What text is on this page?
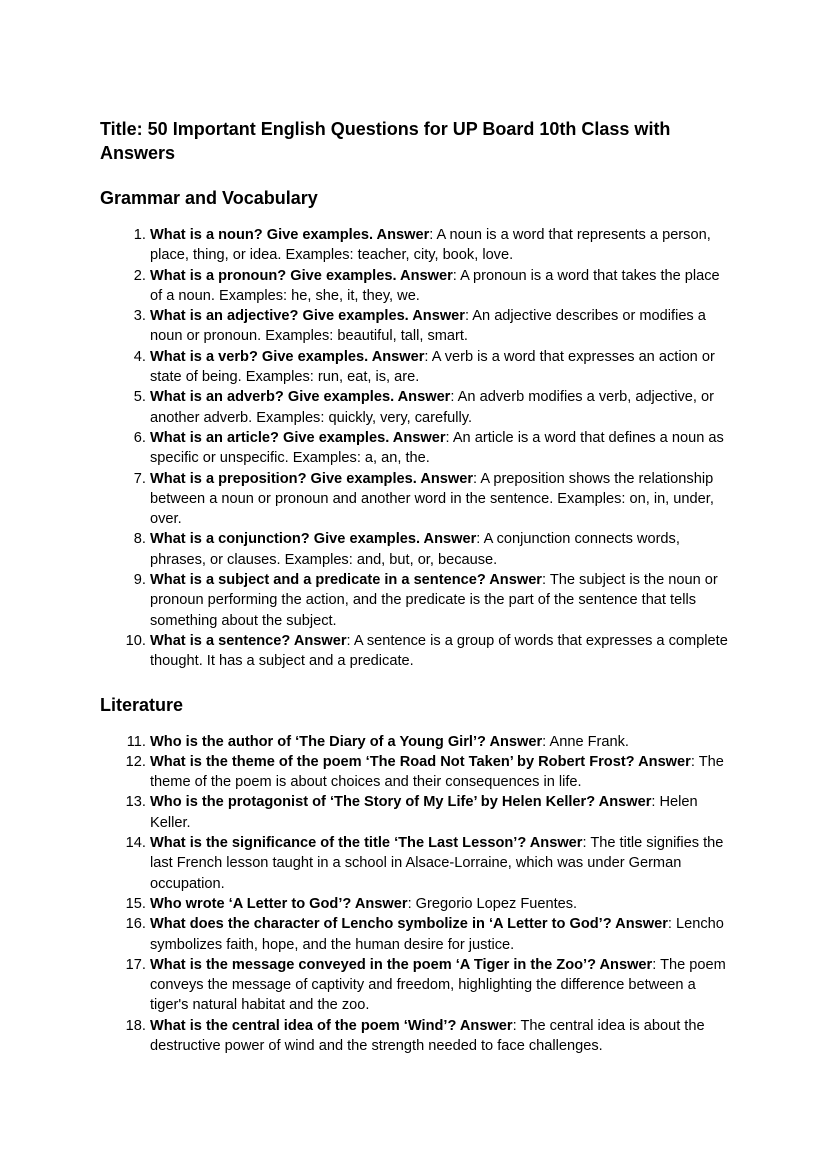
Title: 50 Important English Questions for UP Board 10th Class with Answers
Grammar and Vocabulary
1. What is a noun? Give examples. Answer: A noun is a word that represents a person, place, thing, or idea. Examples: teacher, city, book, love.
2. What is a pronoun? Give examples. Answer: A pronoun is a word that takes the place of a noun. Examples: he, she, it, they, we.
3. What is an adjective? Give examples. Answer: An adjective describes or modifies a noun or pronoun. Examples: beautiful, tall, smart.
4. What is a verb? Give examples. Answer: A verb is a word that expresses an action or state of being. Examples: run, eat, is, are.
5. What is an adverb? Give examples. Answer: An adverb modifies a verb, adjective, or another adverb. Examples: quickly, very, carefully.
6. What is an article? Give examples. Answer: An article is a word that defines a noun as specific or unspecific. Examples: a, an, the.
7. What is a preposition? Give examples. Answer: A preposition shows the relationship between a noun or pronoun and another word in the sentence. Examples: on, in, under, over.
8. What is a conjunction? Give examples. Answer: A conjunction connects words, phrases, or clauses. Examples: and, but, or, because.
9. What is a subject and a predicate in a sentence? Answer: The subject is the noun or pronoun performing the action, and the predicate is the part of the sentence that tells something about the subject.
10. What is a sentence? Answer: A sentence is a group of words that expresses a complete thought. It has a subject and a predicate.
Literature
11. Who is the author of ‘The Diary of a Young Girl’? Answer: Anne Frank.
12. What is the theme of the poem ‘The Road Not Taken’ by Robert Frost? Answer: The theme of the poem is about choices and their consequences in life.
13. Who is the protagonist of ‘The Story of My Life’ by Helen Keller? Answer: Helen Keller.
14. What is the significance of the title ‘The Last Lesson’? Answer: The title signifies the last French lesson taught in a school in Alsace-Lorraine, which was under German occupation.
15. Who wrote ‘A Letter to God’? Answer: Gregorio Lopez Fuentes.
16. What does the character of Lencho symbolize in ‘A Letter to God’? Answer: Lencho symbolizes faith, hope, and the human desire for justice.
17. What is the message conveyed in the poem ‘A Tiger in the Zoo’? Answer: The poem conveys the message of captivity and freedom, highlighting the difference between a tiger's natural habitat and the zoo.
18. What is the central idea of the poem ‘Wind’? Answer: The central idea is about the destructive power of wind and the strength needed to face challenges.
